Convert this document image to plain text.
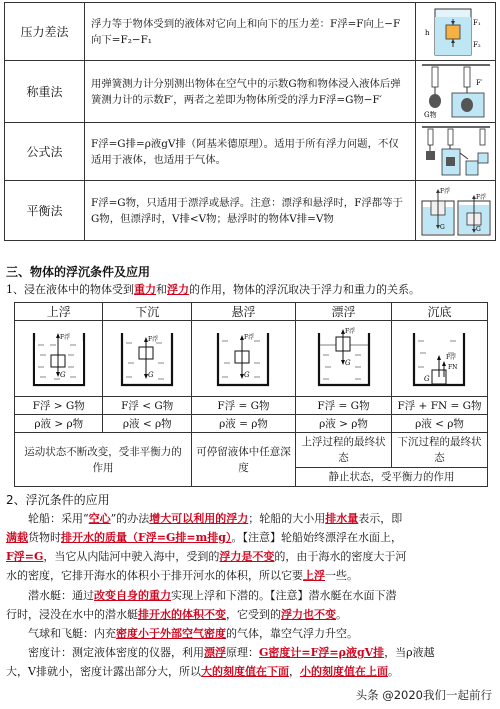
压力差法	浮力等于物体受到的液体对它向上和向下的压力差：F浮=F向上−F向下=F₂−F₁	F₁
F₂
h

称重法	用弹簧测力计分别测出物体在空气中的示数G物和物体浸入液体后弹簧测力计的示数F′，两者之差即为物体所受的浮力F浮=G物−F′	G物
F′

公式法	F浮=G排=ρ液gV排（阿基米德原理）。适用于所有浮力问题，不仅适用于液体，也适用于气体。	

平衡法	F浮=G物，只适用于漂浮或悬浮。注意：漂浮和悬浮时，F浮都等于G物，但漂浮时，V排<V物；悬浮时的物体V排=V物	F浮
G
F浮
G
三、物体的浮沉条件及应用
1、浸在液体中的物体受到重力和浮力的作用，物体的浮沉取决于浮力和重力的关系。
上浮	下沉	悬浮	漂浮	沉底

F浮
G	F浮
G	F浮
G	F浮
G	F浮
FN
G

F浮 > G物	F浮 < G物	F浮 = G物	F浮 = G物	F浮 + FN = G物
ρ液 > ρ物	ρ液 < ρ物	ρ液 = ρ物	ρ液 > ρ物	ρ液 < ρ物
运动状态不断改变，受非平衡力的作用		可停留液体中任意深度	上浮过程的最终状态	下沉过程的最终状态
			静止状态，受平衡力的作用	
2、浮沉条件的应用

轮船：采用“空心”的办法增大可以利用的浮力；轮船的大小用排水量表示，即

满载货物时排开水的质量（F浮=G排=m排g）。【注意】轮船始终漂浮在水面上，
F浮=G，当它从内陆河中驶入海中，受到的浮力是不变的，由于海水的密度大于河
水的密度，它排开海水的体积小于排开河水的体积，所以它要上浮一些。

潜水艇：通过改变自身的重力实现上浮和下潜的。【注意】潜水艇在水面下潜

行时，浸没在水中的潜水艇排开水的体积不变，它受到的浮力也不变。

气球和飞艇：内充密度小于外部空气密度的气体，靠空气浮力升空。

密度计：测定液体密度的仪器，利用漂浮原理：G密度计=F浮=ρ液gV排，当ρ液越

大，V排就小，密度计露出部分大，所以大的刻度值在下面，小的刻度值在上面。
头条 @2020我们一起前行
